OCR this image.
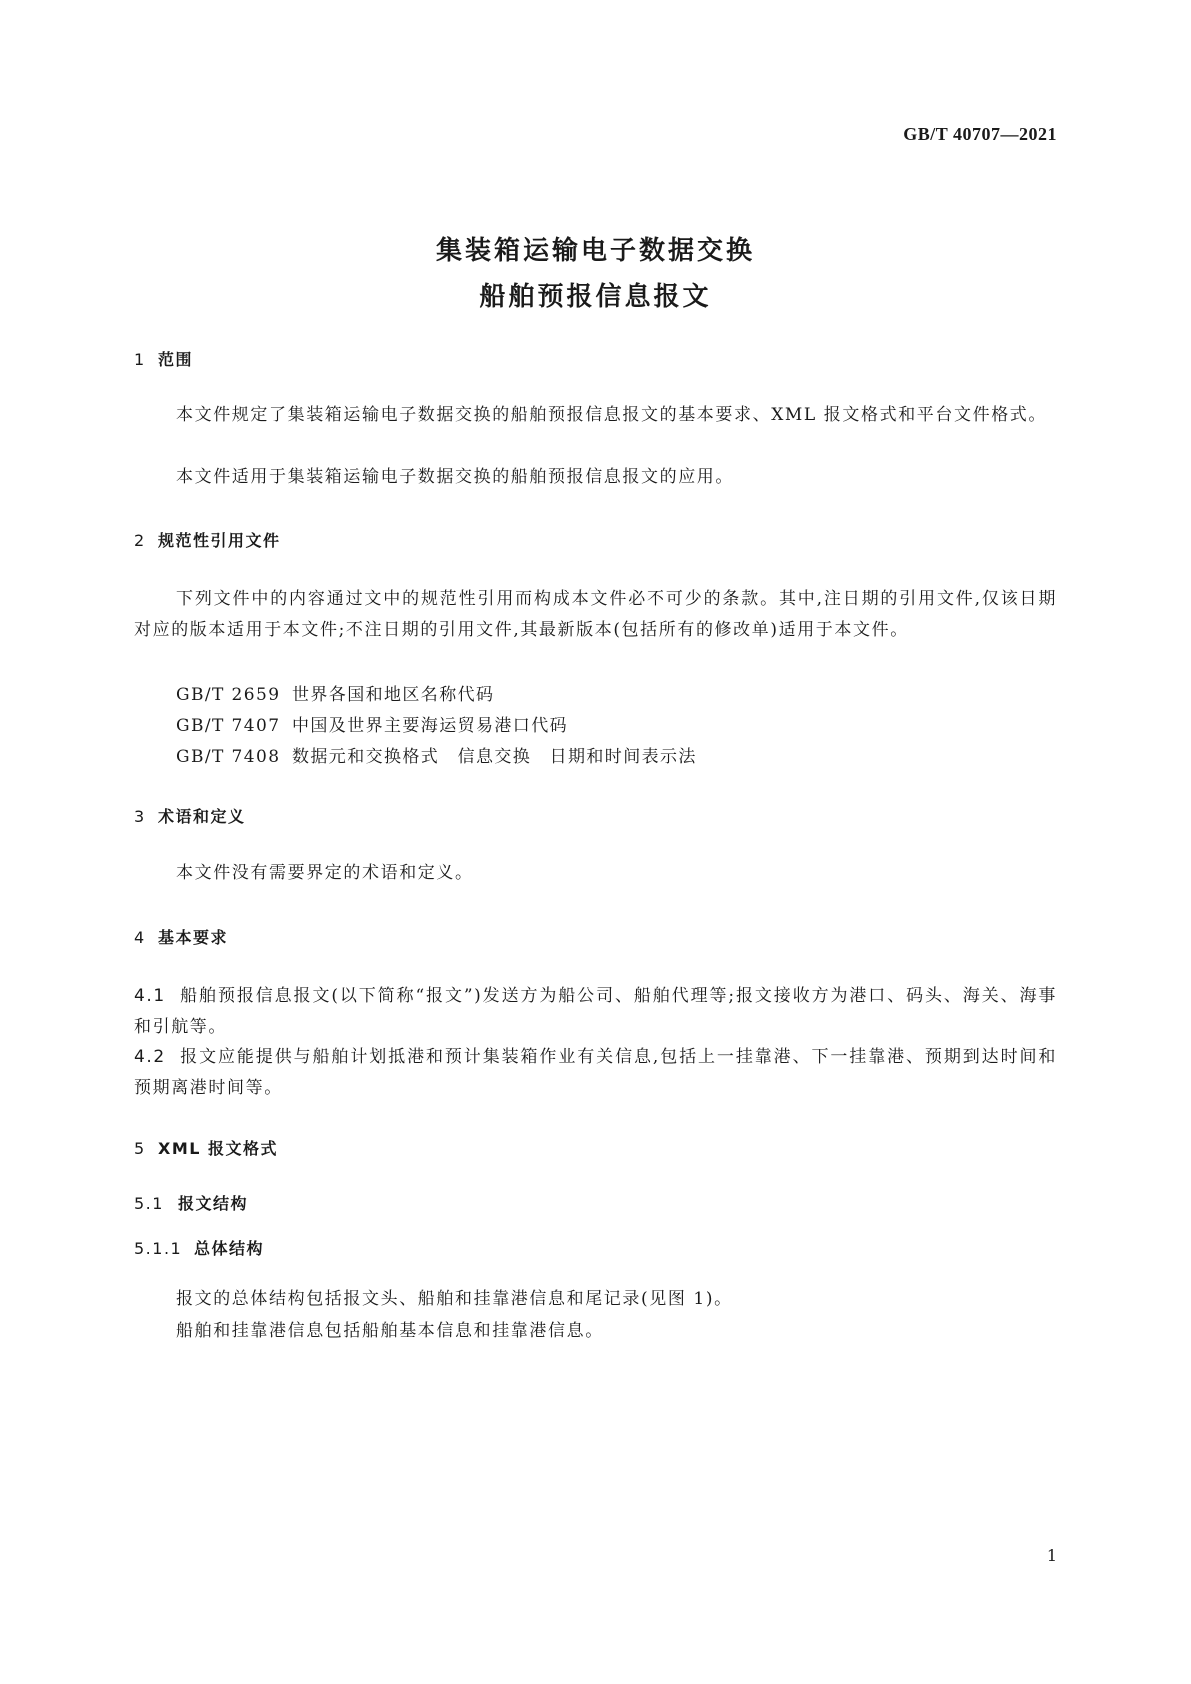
GB/T 40707—2021
集装箱运输电子数据交换
船舶预报信息报文
1 范围

本文件规定了集装箱运输电子数据交换的船舶预报信息报文的基本要求、XML 报文格式和平台文件格式。

本文件适用于集装箱运输电子数据交换的船舶预报信息报文的应用。

2 规范性引用文件

下列文件中的内容通过文中的规范性引用而构成本文件必不可少的条款。其中,注日期的引用文件,仅该日期对应的版本适用于本文件;不注日期的引用文件,其最新版本(包括所有的修改单)适用于本文件。

GB/T 2659 世界各国和地区名称代码
GB/T 7407 中国及世界主要海运贸易港口代码
GB/T 7408 数据元和交换格式　信息交换　日期和时间表示法
3 术语和定义

本文件没有需要界定的术语和定义。

4 基本要求

4.1 船舶预报信息报文(以下简称“报文”)发送方为船公司、船舶代理等;报文接收方为港口、码头、海关、海事和引航等。

4.2 报文应能提供与船舶计划抵港和预计集装箱作业有关信息,包括上一挂靠港、下一挂靠港、预期到达时间和预期离港时间等。

5 XML 报文格式
5.1 报文结构
5.1.1 总体结构

报文的总体结构包括报文头、船舶和挂靠港信息和尾记录(见图 1)。

船舶和挂靠港信息包括船舶基本信息和挂靠港信息。

1
